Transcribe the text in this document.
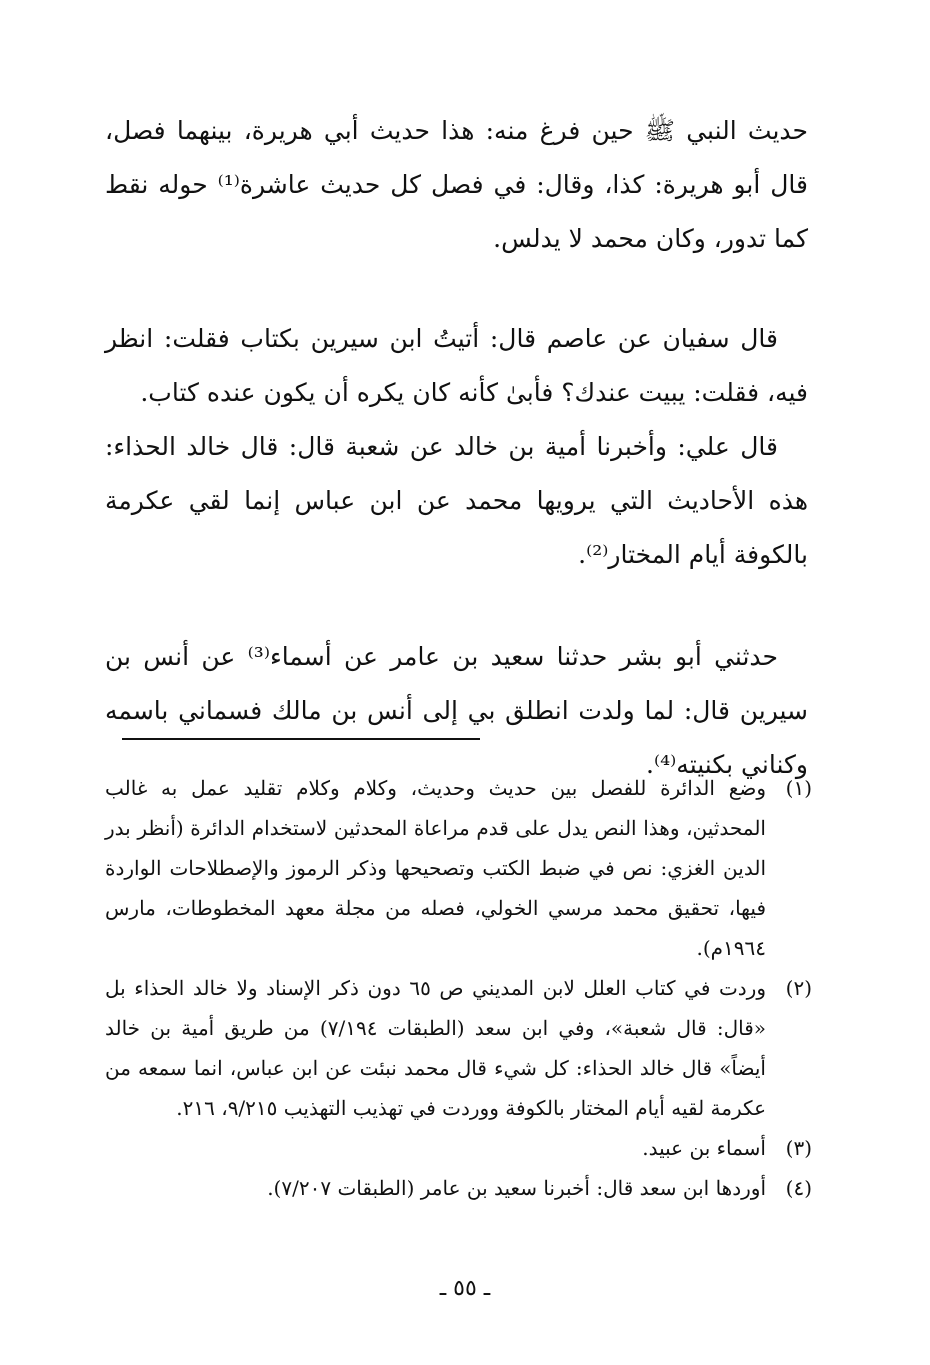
حديث النبي ﷺ حين فرغ منه: هذا حديث أبي هريرة، بينهما فصل، قال أبو هريرة: كذا، وقال: في فصل كل حديث عاشرة⁽¹⁾ حوله نقط كما تدور، وكان محمد لا يدلس.

قال سفيان عن عاصم قال: أتيتُ ابن سيرين بكتاب فقلت: انظر فيه، فقلت: يبيت عندك؟ فأبىٰ كأنه كان يكره أن يكون عنده كتاب.

قال علي: وأخبرنا أمية بن خالد عن شعبة قال: قال خالد الحذاء: هذه الأحاديث التي يرويها محمد عن ابن عباس إنما لقي عكرمة بالكوفة أيام المختار⁽²⁾.

حدثني أبو بشر حدثنا سعيد بن عامر عن أسماء⁽³⁾ عن أنس بن سيرين قال: لما ولدت انطلق بي إلى أنس بن مالك فسماني باسمه وكناني بكنيته⁽⁴⁾.

(١)
وضع الدائرة للفصل بين حديث وحديث، وكلام وكلام تقليد عمل به غالب المحدثين، وهذا النص يدل على قدم مراعاة المحدثين لاستخدام الدائرة (أنظر بدر الدين الغزي: نص في ضبط الكتب وتصحيحها وذكر الرموز والإصطلاحات الواردة فيها، تحقيق محمد مرسي الخولي، فصله من مجلة معهد المخطوطات، مارس ١٩٦٤م).
(٢)
وردت في كتاب العلل لابن المديني ص ٦٥ دون ذكر الإسناد ولا خالد الحذاء بل «قال: قال شعبة»، وفي ابن سعد (الطبقات ٧/١٩٤) من طريق أمية بن خالد أيضاً» قال خالد الحذاء: كل شيء قال محمد نبئت عن ابن عباس، انما سمعه من عكرمة لقيه أيام المختار بالكوفة ووردت في تهذيب التهذيب ٩/٢١٥، ٢١٦.
(٣)
أسماء بن عبيد.
(٤)
أوردها ابن سعد قال: أخبرنا سعيد بن عامر (الطبقات ٧/٢٠٧).
ـ ٥٥ ـ
